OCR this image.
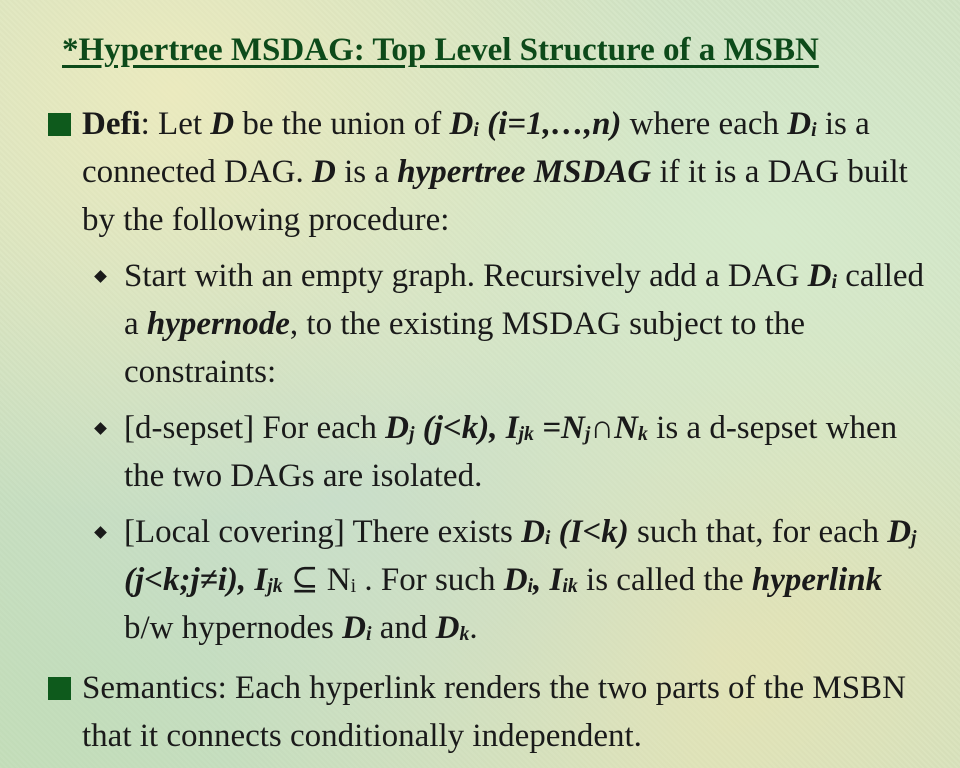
*Hypertree MSDAG: Top Level Structure of a MSBN

Defi: Let D be the union of $D_i$ (i=1,…,n) where each $D_i$ is a connected DAG. D is a hypertree MSDAG if it is a DAG built by the following procedure:

Start with an empty graph. Recursively add a DAG $D_i$ called a hypernode, to the existing MSDAG subject to the constraints:

[d-sepset] For each $D_j$ (j<k), $I_{jk}$ $=N_j\cap N_k$ is a d-sepset when the two DAGs are isolated.

[Local covering] There exists $D_i$ (I<k) such that, for each $D_j$ (j<k;j≠i), $I_{jk}$ ⊆ $N_i$ . For such $D_i$, $I_{ik}$ is called the hyperlink b/w hypernodes $D_i$ and $D_k$.

Semantics: Each hyperlink renders the two parts of the MSBN that it connects conditionally independent.
